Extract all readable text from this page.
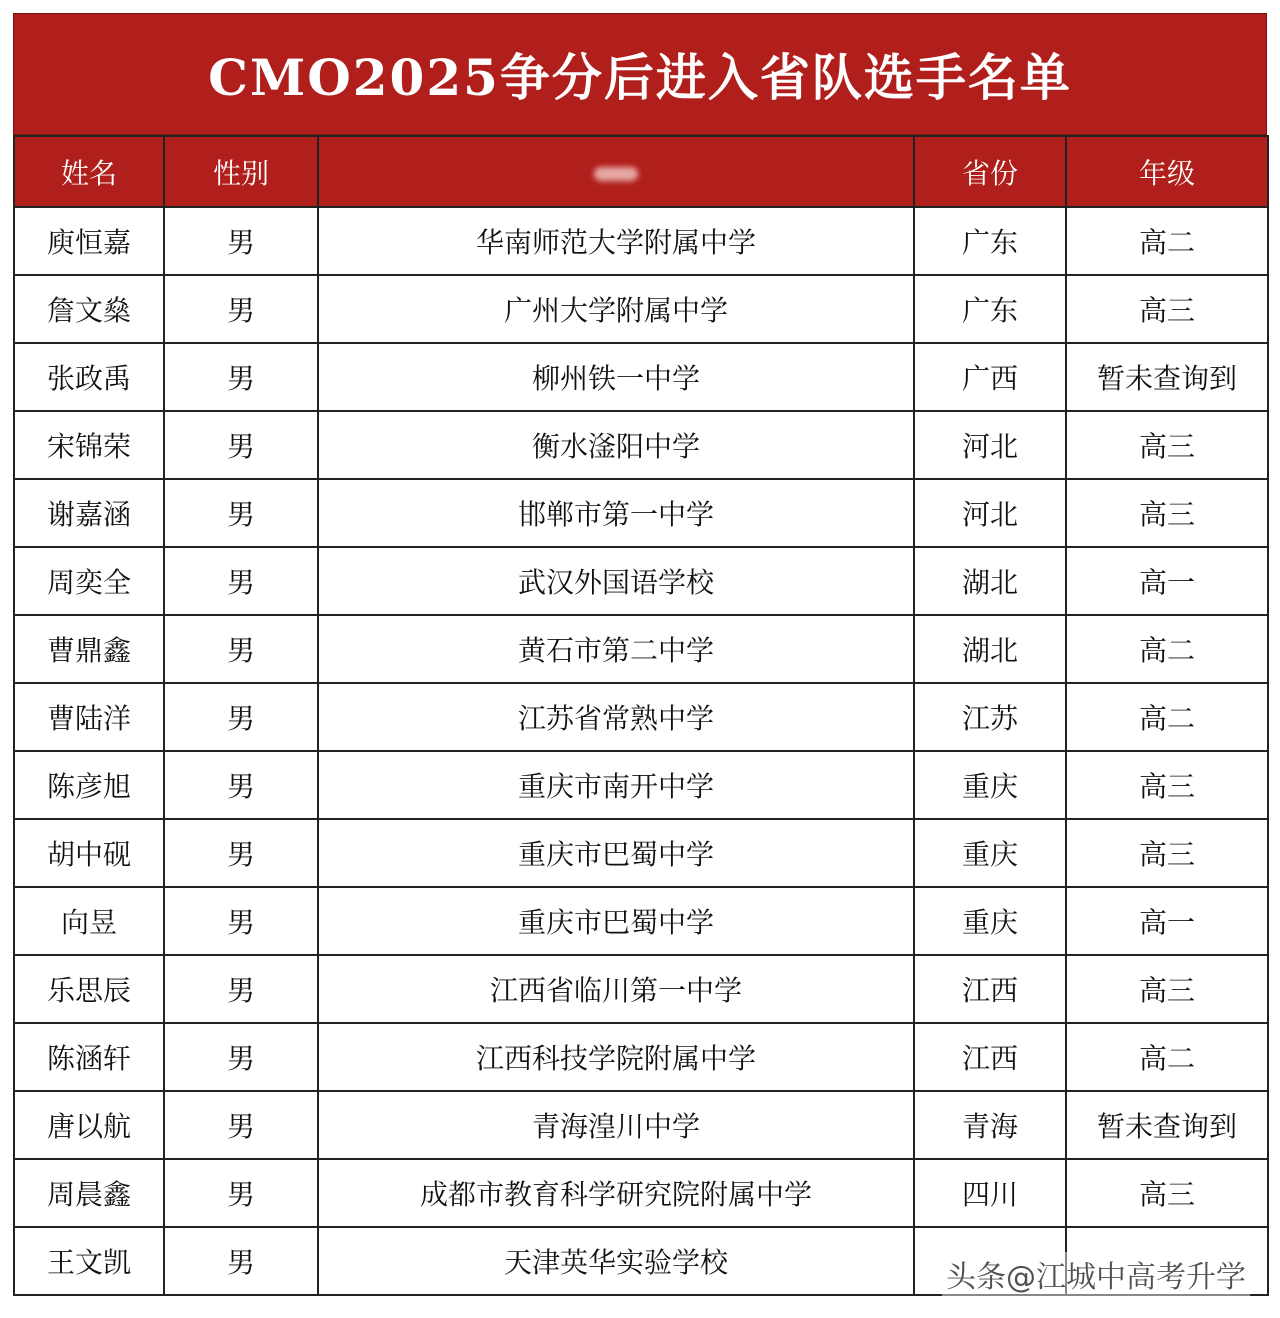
CMO2025争分后进入省队选手名单
姓名	性别		省份	年级
庾恒嘉	男	华南师范大学附属中学	广东	高二
詹文燊	男	广州大学附属中学	广东	高三
张政禹	男	柳州铁一中学	广西	暂未查询到
宋锦荣	男	衡水滏阳中学	河北	高三
谢嘉涵	男	邯郸市第一中学	河北	高三
周奕全	男	武汉外国语学校	湖北	高一
曹鼎鑫	男	黄石市第二中学	湖北	高二
曹陆洋	男	江苏省常熟中学	江苏	高二
陈彦旭	男	重庆市南开中学	重庆	高三
胡中砚	男	重庆市巴蜀中学	重庆	高三
向昱	男	重庆市巴蜀中学	重庆	高一
乐思辰	男	江西省临川第一中学	江西	高三
陈涵轩	男	江西科技学院附属中学	江西	高二
唐以航	男	青海湟川中学	青海	暂未查询到
周晨鑫	男	成都市教育科学研究院附属中学	四川	高三
王文凯	男	天津英华实验学校			头条@江城中高考升学
